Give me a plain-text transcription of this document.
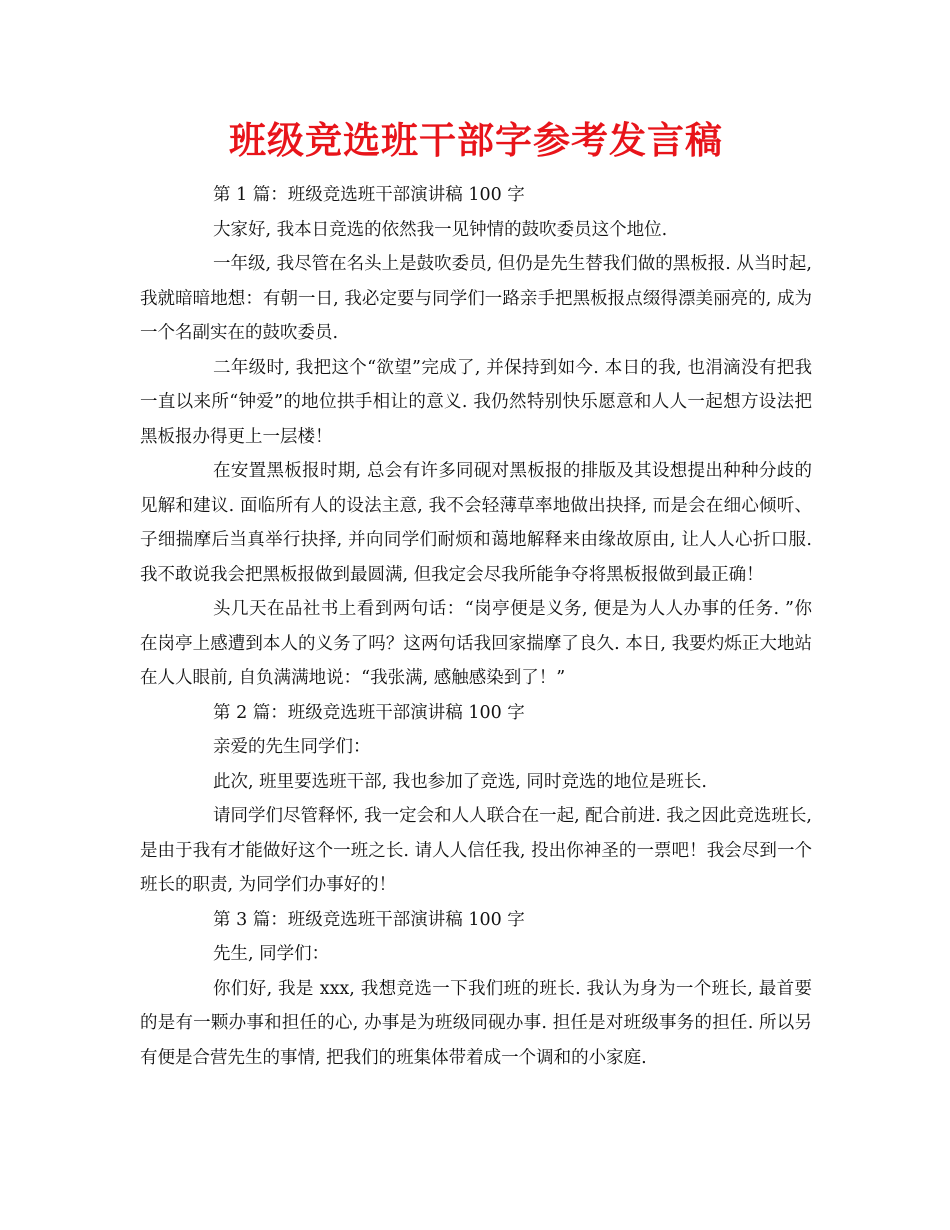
班级竞选班干部字参考发言稿

第 1 篇：班级竞选班干部演讲稿 100 字

大家好, 我本日竞选的依然我一见钟情的鼓吹委员这个地位.

一年级, 我尽管在名头上是鼓吹委员, 但仍是先生替我们做的黑板报. 从当时起, 我就暗暗地想：有朝一日, 我必定要与同学们一路亲手把黑板报点缀得漂美丽亮的, 成为一个名副实在的鼓吹委员.

二年级时, 我把这个“欲望”完成了, 并保持到如今. 本日的我, 也涓滴没有把我一直以来所“钟爱”的地位拱手相让的意义. 我仍然特别快乐愿意和人人一起想方设法把黑板报办得更上一层楼！

在安置黑板报时期, 总会有许多同砚对黑板报的排版及其设想提出种种分歧的见解和建议. 面临所有人的设法主意, 我不会轻薄草率地做出抉择, 而是会在细心倾听、子细揣摩后当真举行抉择, 并向同学们耐烦和蔼地解释来由缘故原由, 让人人心折口服. 我不敢说我会把黑板报做到最圆满, 但我定会尽我所能争夺将黑板报做到最正确！

头几天在品社书上看到两句话：“岗亭便是义务, 便是为人人办事的任务. ”你在岗亭上感遭到本人的义务了吗？这两句话我回家揣摩了良久. 本日, 我要灼烁正大地站在人人眼前, 自负满满地说：“我张满, 感触感染到了！”

第 2 篇：班级竞选班干部演讲稿 100 字

亲爱的先生同学们：

此次, 班里要选班干部, 我也参加了竞选, 同时竞选的地位是班长.

请同学们尽管释怀, 我一定会和人人联合在一起, 配合前进. 我之因此竞选班长, 是由于我有才能做好这个一班之长. 请人人信任我, 投出你神圣的一票吧！我会尽到一个班长的职责, 为同学们办事好的！

第 3 篇：班级竞选班干部演讲稿 100 字

先生, 同学们：

你们好, 我是 xxx, 我想竞选一下我们班的班长. 我认为身为一个班长, 最首要的是有一颗办事和担任的心, 办事是为班级同砚办事. 担任是对班级事务的担任. 所以另有便是合营先生的事情, 把我们的班集体带着成一个调和的小家庭.
